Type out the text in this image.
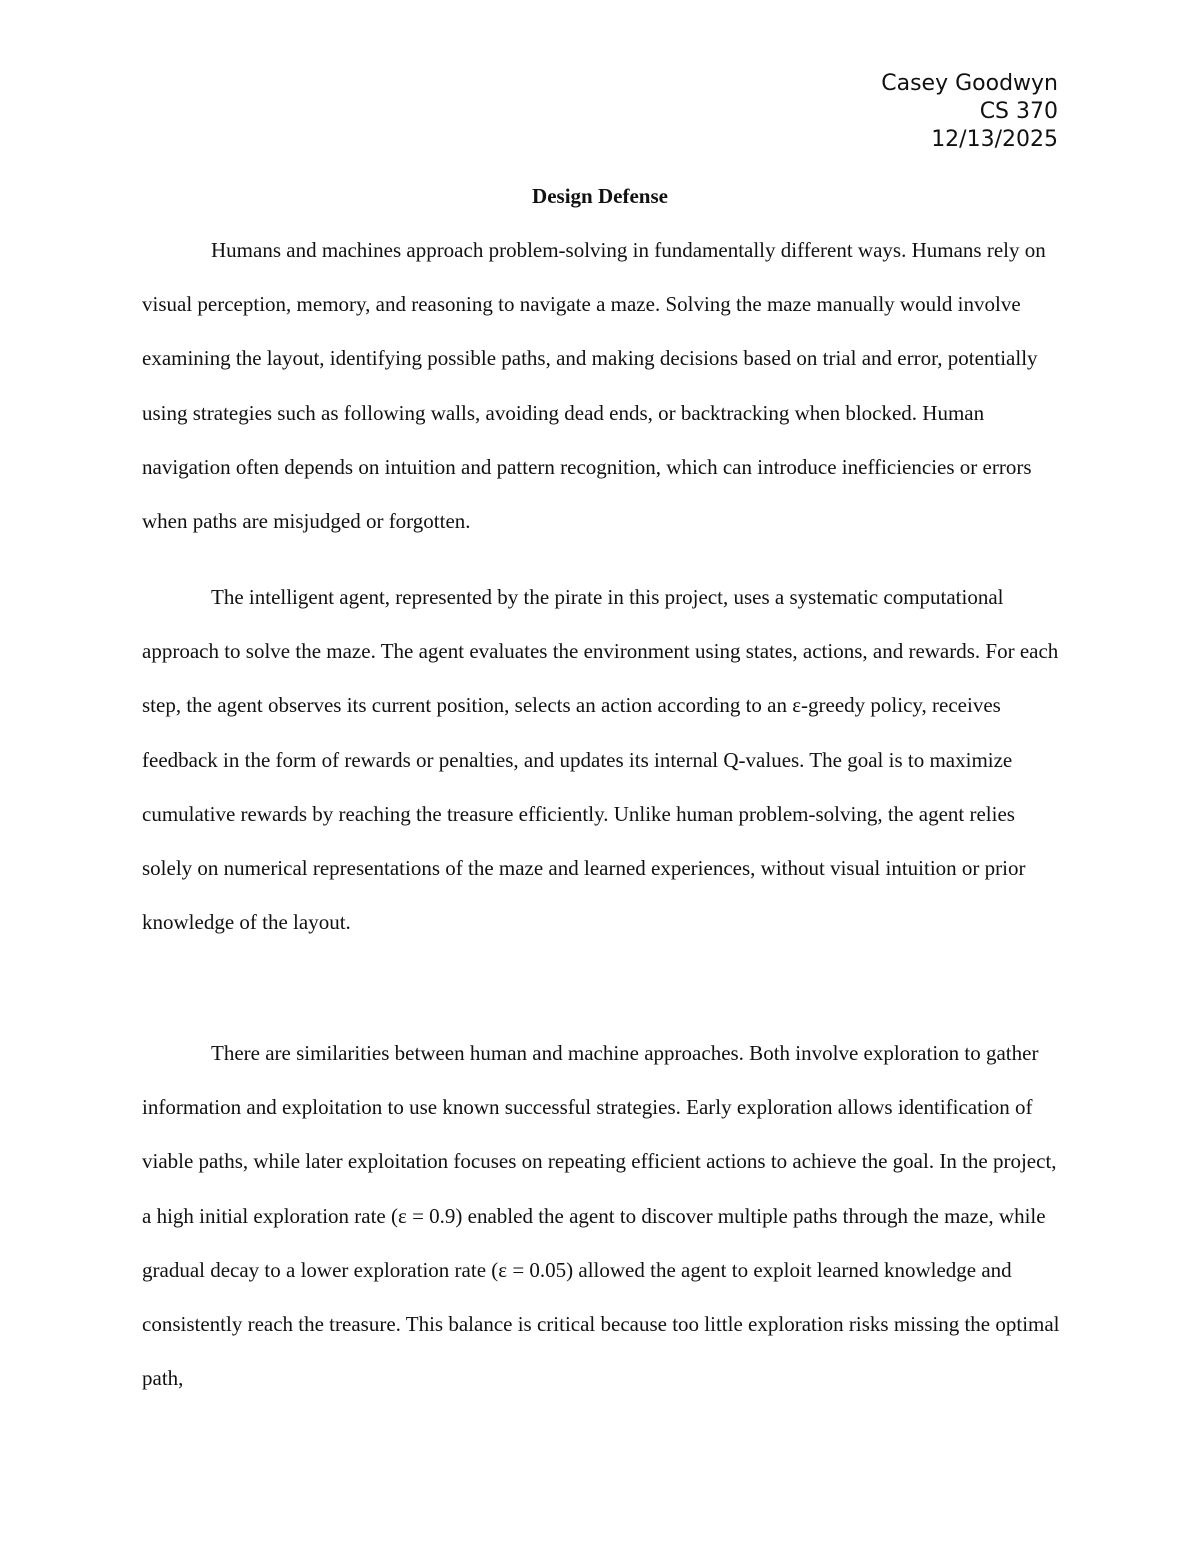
Casey Goodwyn
CS 370
12/13/2025
Design Defense

Humans and machines approach problem-solving in fundamentally different ways. Humans rely on visual perception, memory, and reasoning to navigate a maze. Solving the maze manually would involve examining the layout, identifying possible paths, and making decisions based on trial and error, potentially using strategies such as following walls, avoiding dead ends, or backtracking when blocked. Human navigation often depends on intuition and pattern recognition, which can introduce inefficiencies or errors when paths are misjudged or forgotten.

The intelligent agent, represented by the pirate in this project, uses a systematic computational approach to solve the maze. The agent evaluates the environment using states, actions, and rewards. For each step, the agent observes its current position, selects an action according to an ε-greedy policy, receives feedback in the form of rewards or penalties, and updates its internal Q-values. The goal is to maximize cumulative rewards by reaching the treasure efficiently. Unlike human problem-solving, the agent relies solely on numerical representations of the maze and learned experiences, without visual intuition or prior knowledge of the layout.

There are similarities between human and machine approaches. Both involve exploration to gather information and exploitation to use known successful strategies. Early exploration allows identification of viable paths, while later exploitation focuses on repeating efficient actions to achieve the goal. In the project, a high initial exploration rate (ε = 0.9) enabled the agent to discover multiple paths through the maze, while gradual decay to a lower exploration rate (ε = 0.05) allowed the agent to exploit learned knowledge and consistently reach the treasure. This balance is critical because too little exploration risks missing the optimal path,
